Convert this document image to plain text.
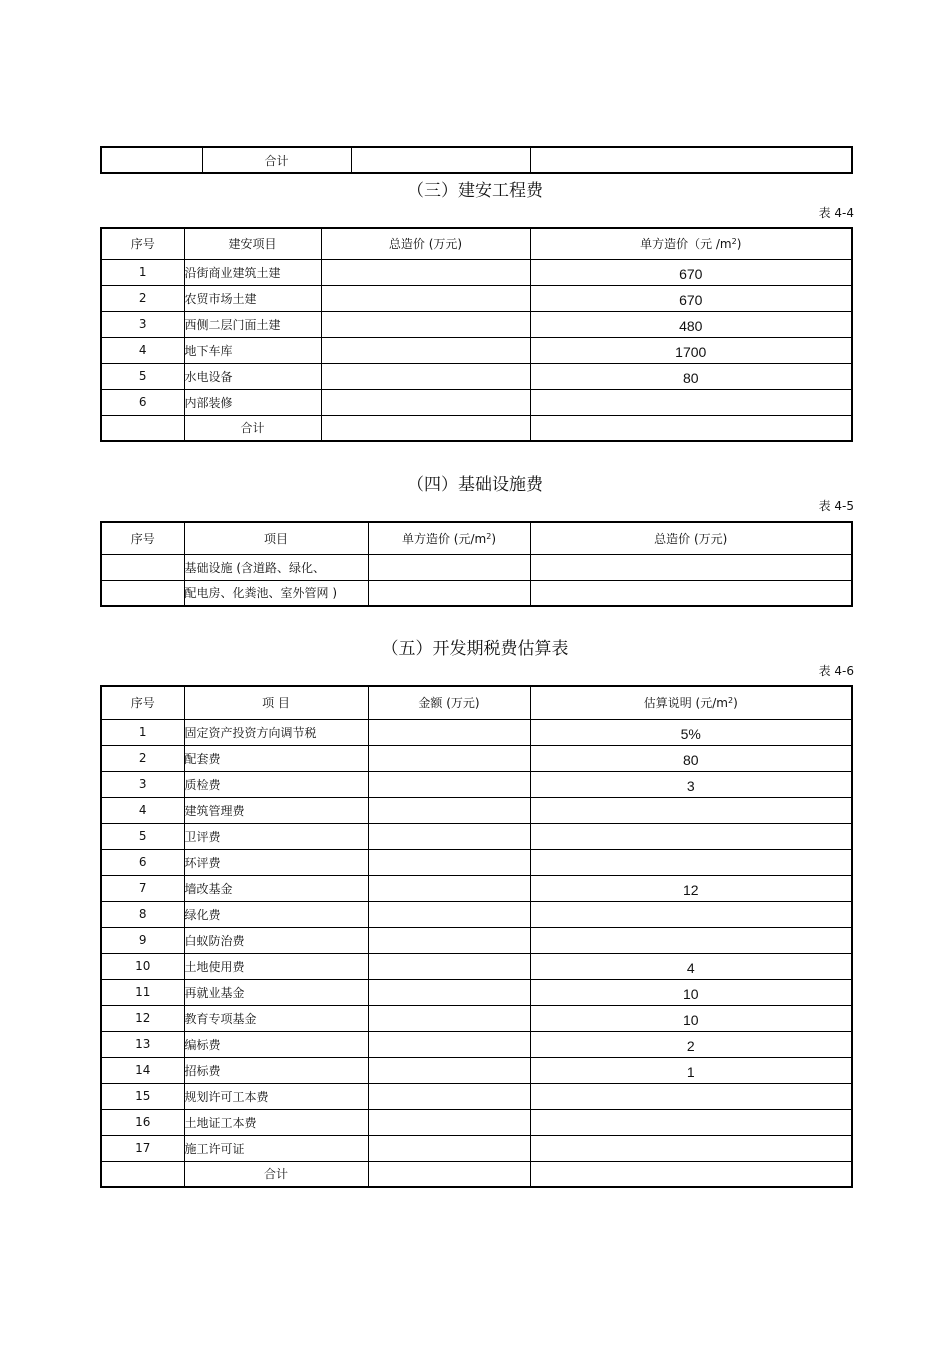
	合计		
（三）建安工程费
表 4-4
序号	建安项目	总造价 (万元)	单方造价（元 $/m^2$)
1	沿街商业建筑土建		670
2	农贸市场土建		670
3	西侧二层门面土建		480
4	地下车库		1700
5	水电设备		80
6	内部装修		
	合计		
（四）基础设施费
表 4-5
序号	项目	单方造价 (元$/m^2$)	总造价 (万元)
	基础设施 (含道路、绿化、		
	配电房、化粪池、室外管网 )		
（五）开发期税费估算表
表 4-6
序号	项 目	金额 (万元)	估算说明 (元$/m^2$)
1	固定资产投资方向调节税		5%
2	配套费		80
3	质检费		3
4	建筑管理费		
5	卫评费		
6	环评费		
7	墙改基金		12
8	绿化费		
9	白蚁防治费		
10	土地使用费		4
11	再就业基金		10
12	教育专项基金		10
13	编标费		2
14	招标费		1
15	规划许可工本费		
16	土地证工本费		
17	施工许可证		
	合计		
